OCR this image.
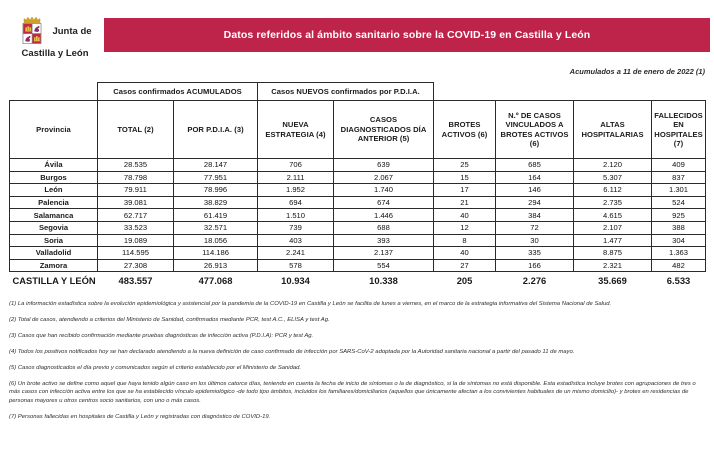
Junta de
Castilla y León
Datos referidos al ámbito sanitario sobre la COVID-19 en Castilla y León
Acumulados a 11 de enero de 2022 (1)
	Casos confirmados ACUMULADOS		Casos NUEVOS confirmados por P.D.I.A.					
Provincia	TOTAL (2)	POR P.D.I.A. (3)	NUEVA ESTRATEGIA (4)	CASOS DIAGNOSTICADOS DÍA ANTERIOR (5)	BROTES ACTIVOS (6)	N.º DE CASOS VINCULADOS A BROTES ACTIVOS (6)	ALTAS HOSPITALARIAS	FALLECIDOS EN HOSPITALES (7)
Ávila	28.535	28.147	706	639	25	685	2.120	409
Burgos	78.798	77.951	2.111	2.067	15	164	5.307	837
León	79.911	78.996	1.952	1.740	17	146	6.112	1.301
Palencia	39.081	38.829	694	674	21	294	2.735	524
Salamanca	62.717	61.419	1.510	1.446	40	384	4.615	925
Segovia	33.523	32.571	739	688	12	72	2.107	388
Soria	19.089	18.056	403	393	8	30	1.477	304
Valladolid	114.595	114.186	2.241	2.137	40	335	8.875	1.363
Zamora	27.308	26.913	578	554	27	166	2.321	482
CASTILLA Y LEÓN	483.557	477.068	10.934	10.338	205	2.276	35.669	6.533
(1) La información estadística sobre la evolución epidemiológica y asistencial por la pandemia de la COVID-19 en Castilla y León se facilita de lunes a viernes, en el marco de la estrategia informativa del Sistema Nacional de Salud.
(2) Total de casos, atendiendo a criterios del Ministerio de Sanidad, confirmados mediante PCR, test A.C., ELISA y test Ag.
(3) Casos que han recibido confirmación mediante pruebas diagnósticas de infección activa (P.D.I.A): PCR y test Ag.
(4) Todos los positivos notificados hoy se han declarado atendiendo a la nueva definición de caso confirmado de infección por SARS-CoV-2 adoptada por la Autoridad sanitaria nacional a partir del pasado 11 de mayo.
(5) Casos diagnosticados el día previo y comunicados según el criterio establecido por el Ministerio de Sanidad.
(6) Un brote activo se define como aquel que haya tenido algún caso en los últimos catorce días, teniendo en cuenta la fecha de inicio de síntomas o la de diagnóstico, si la de síntomas no está disponible. Esta estadística incluye brotes con agrupaciones de tres o más casos con infección activa entre los que se ha establecido vínculo epidemiológico -de todo tipo ámbitos, incluidos los familiares/domiciliarios (aquellos que únicamente afectan a los convivientes habituales de un mismo domicilio)- y brotes en residencias de personas mayores u otros centros socio sanitarios, con uno o más casos.
(7) Personas fallecidas en hospitales de Castilla y León y registradas con diagnóstico de COVID-19.
